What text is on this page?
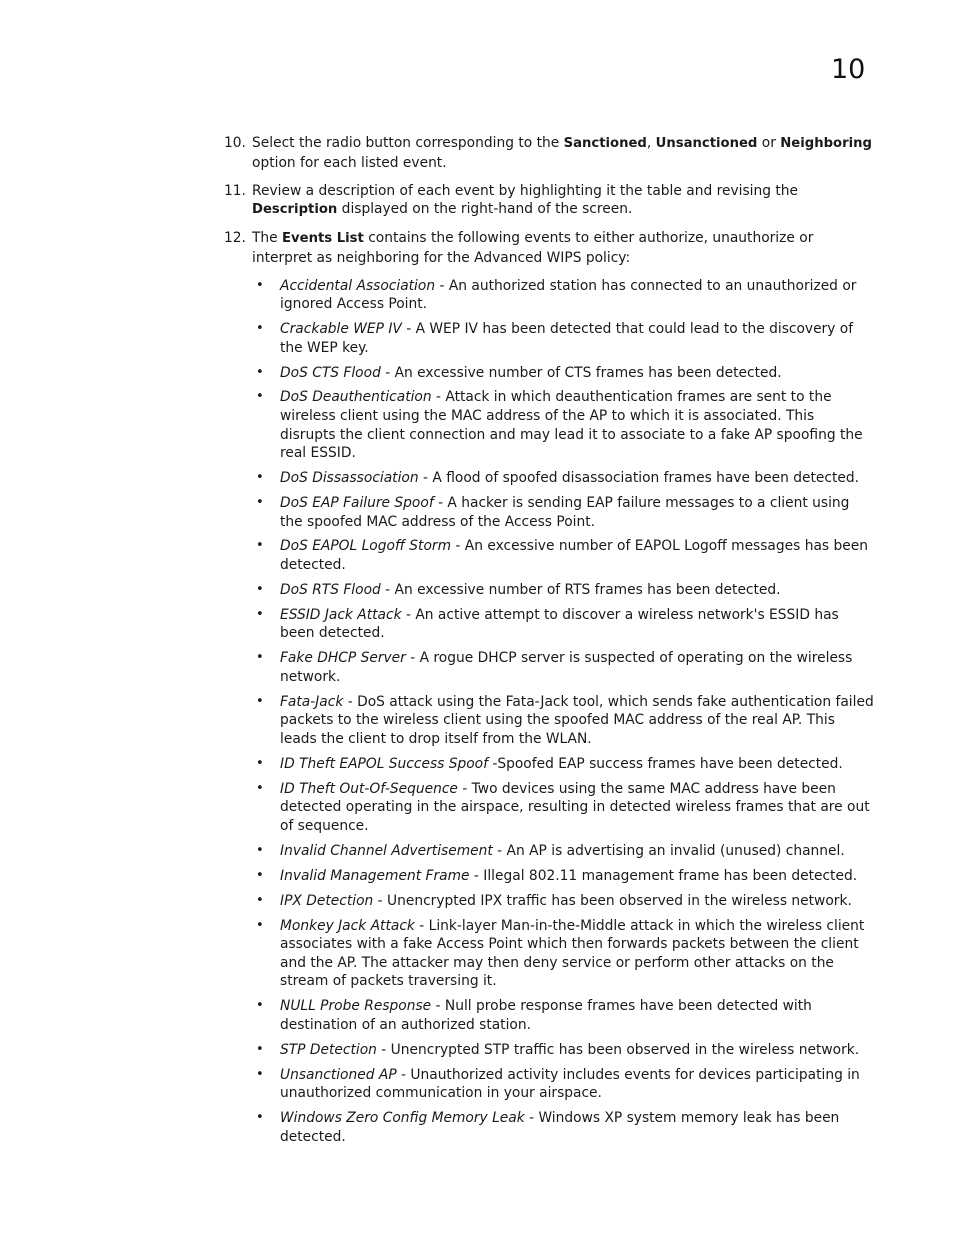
10
10. Select the radio button corresponding to the Sanctioned, Unsanctioned or Neighboring option for each listed event.
11. Review a description of each event by highlighting it the table and revising the Description displayed on the right-hand of the screen.
12. The Events List contains the following events to either authorize, unauthorize or interpret as neighboring for the Advanced WIPS policy:
• Accidental Association - An authorized station has connected to an unauthorized or ignored Access Point.
• Crackable WEP IV - A WEP IV has been detected that could lead to the discovery of the WEP key.
• DoS CTS Flood - An excessive number of CTS frames has been detected.
• DoS Deauthentication - Attack in which deauthentication frames are sent to the wireless client using the MAC address of the AP to which it is associated. This disrupts the client connection and may lead it to associate to a fake AP spoofing the real ESSID.
• DoS Dissassociation - A flood of spoofed disassociation frames have been detected.
• DoS EAP Failure Spoof - A hacker is sending EAP failure messages to a client using the spoofed MAC address of the Access Point.
• DoS EAPOL Logoff Storm - An excessive number of EAPOL Logoff messages has been detected.
• DoS RTS Flood - An excessive number of RTS frames has been detected.
• ESSID Jack Attack - An active attempt to discover a wireless network's ESSID has been detected.
• Fake DHCP Server - A rogue DHCP server is suspected of operating on the wireless network.
• Fata-Jack - DoS attack using the Fata-Jack tool, which sends fake authentication failed packets to the wireless client using the spoofed MAC address of the real AP. This leads the client to drop itself from the WLAN.
• ID Theft EAPOL Success Spoof -Spoofed EAP success frames have been detected.
• ID Theft Out-Of-Sequence - Two devices using the same MAC address have been detected operating in the airspace, resulting in detected wireless frames that are out of sequence.
• Invalid Channel Advertisement - An AP is advertising an invalid (unused) channel.
• Invalid Management Frame - Illegal 802.11 management frame has been detected.
• IPX Detection - Unencrypted IPX traffic has been observed in the wireless network.
• Monkey Jack Attack - Link-layer Man-in-the-Middle attack in which the wireless client associates with a fake Access Point which then forwards packets between the client and the AP. The attacker may then deny service or perform other attacks on the stream of packets traversing it.
• NULL Probe Response - Null probe response frames have been detected with destination of an authorized station.
• STP Detection - Unencrypted STP traffic has been observed in the wireless network.
• Unsanctioned AP - Unauthorized activity includes events for devices participating in unauthorized communication in your airspace.
• Windows Zero Config Memory Leak - Windows XP system memory leak has been detected.
